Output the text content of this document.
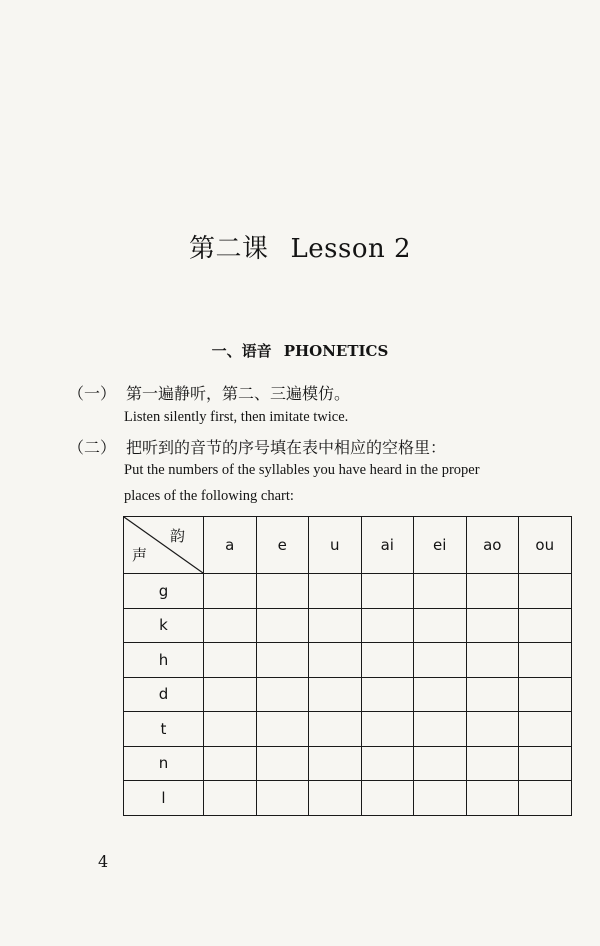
第二课 Lesson 2
一、语音 PHONETICS
（一） 第一遍静听，第二、三遍模仿。
Listen silently first, then imitate twice.
（二） 把听到的音节的序号填在表中相应的空格里：
Put the numbers of the syllables you have heard in the proper
places of the following chart:
韵
声	a	e	u	ai	ei	ao	ou
g							
k							
h							
d							
t							
n							
l							
4
